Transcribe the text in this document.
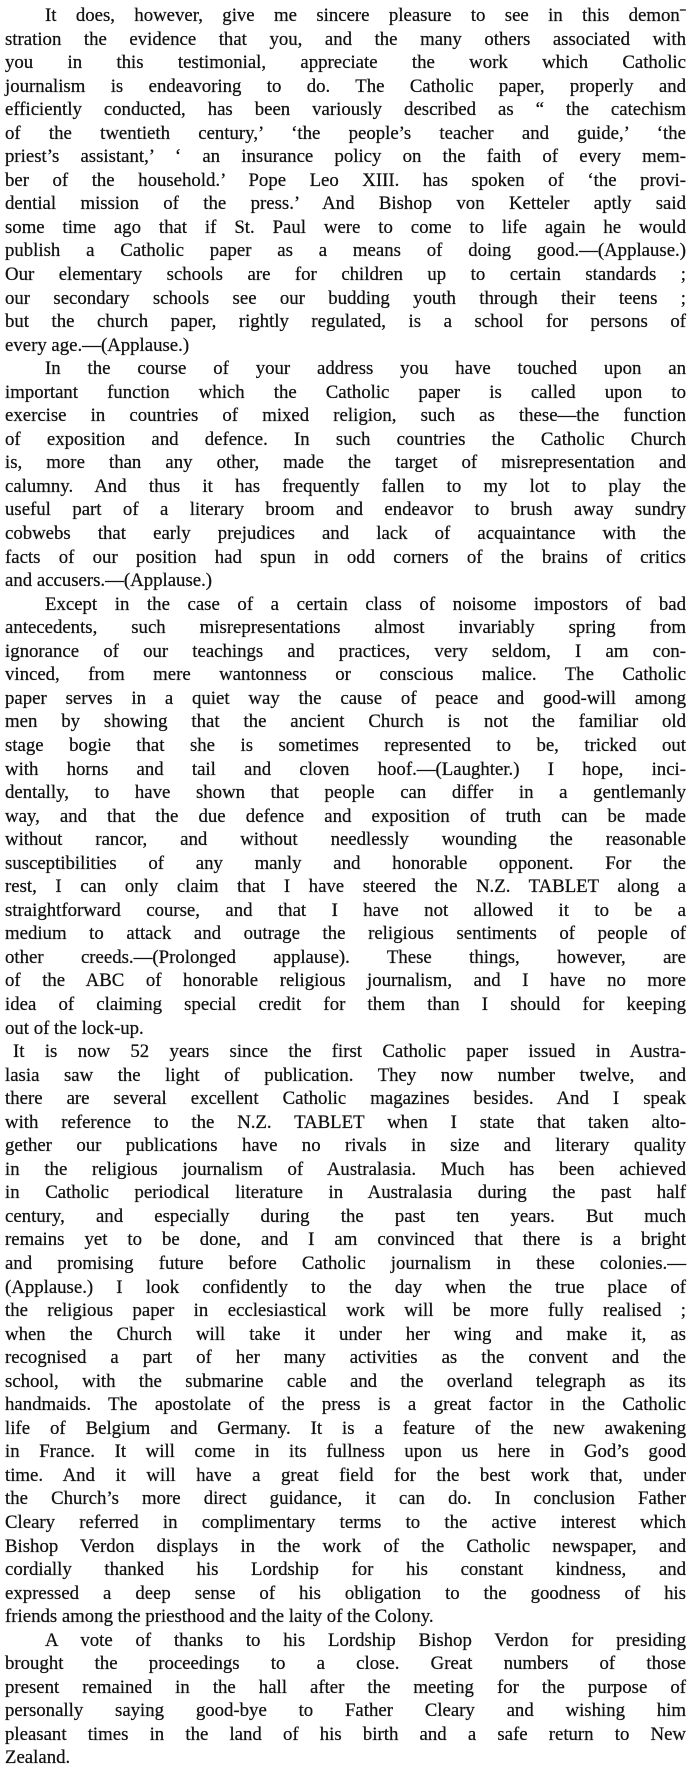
It does, however, give me sincere pleasure to see in this demonˉ
stration the evidence that you, and the many others associated with
you in this testimonial, appreciate the work which Catholic
journalism is endeavoring to do. The Catholic paper, properly and
efficiently conducted, has been variously described as “ the catechism
of the twentieth century,’ ‘the people’s teacher and guide,’ ‘the
priest’s assistant,’ ‘ an insurance policy on the faith of every mem-
ber of the household.’ Pope Leo XIII. has spoken of ‘the provi-
dential mission of the press.’ And Bishop von Ketteler aptly said
some time ago that if St. Paul were to come to life again he would
publish a Catholic paper as a means of doing good.—(Applause.)
Our elementary schools are for children up to certain standards ;
our secondary schools see our budding youth through their teens ;
but the church paper, rightly regulated, is a school for persons of
every age.—(Applause.)
In the course of your address you have touched upon an
important function which the Catholic paper is called upon to
exercise in countries of mixed religion, such as these—the function
of exposition and defence. In such countries the Catholic Church
is, more than any other, made the target of misrepresentation and
calumny. And thus it has frequently fallen to my lot to play the
useful part of a literary broom and endeavor to brush away sundry
cobwebs that early prejudices and lack of acquaintance with the
facts of our position had spun in odd corners of the brains of critics
and accusers.—(Applause.)
Except in the case of a certain class of noisome impostors of bad
antecedents, such misrepresentations almost invariably spring from
ignorance of our teachings and practices, very seldom, I am con-
vinced, from mere wantonness or conscious malice. The Catholic
paper serves in a quiet way the cause of peace and good-will among
men by showing that the ancient Church is not the familiar old
stage bogie that she is sometimes represented to be, tricked out
with horns and tail and cloven hoof.—(Laughter.) I hope, inci-
dentally, to have shown that people can differ in a gentlemanly
way, and that the due defence and exposition of truth can be made
without rancor, and without needlessly wounding the reasonable
susceptibilities of any manly and honorable opponent. For the
rest, I can only claim that I have steered the N.Z. TABLET along a
straightforward course, and that I have not allowed it to be a
medium to attack and outrage the religious sentiments of people of
other creeds.—(Prolonged applause). These things, however, are
of the ABC of honorable religious journalism, and I have no more
idea of claiming special credit for them than I should for keeping
out of the lock-up.
It is now 52 years since the first Catholic paper issued in Austra-
lasia saw the light of publication. They now number twelve, and
there are several excellent Catholic magazines besides. And I speak
with reference to the N.Z. TABLET when I state that taken alto-
gether our publications have no rivals in size and literary quality
in the religious journalism of Australasia. Much has been achieved
in Catholic periodical literature in Australasia during the past half
century, and especially during the past ten years. But much
remains yet to be done, and I am convinced that there is a bright
and promising future before Catholic journalism in these colonies.—
(Applause.) I look confidently to the day when the true place of
the religious paper in ecclesiastical work will be more fully realised ;
when the Church will take it under her wing and make it, as
recognised a part of her many activities as the convent and the
school, with the submarine cable and the overland telegraph as its
handmaids. The apostolate of the press is a great factor in the Catholic
life of Belgium and Germany. It is a feature of the new awakening
in France. It will come in its fullness upon us here in God’s good
time. And it will have a great field for the best work that, under
the Church’s more direct guidance, it can do. In conclusion Father
Cleary referred in complimentary terms to the active interest which
Bishop Verdon displays in the work of the Catholic newspaper, and
cordially thanked his Lordship for his constant kindness, and
expressed a deep sense of his obligation to the goodness of his
friends among the priesthood and the laity of the Colony.
A vote of thanks to his Lordship Bishop Verdon for presiding
brought the proceedings to a close. Great numbers of those
present remained in the hall after the meeting for the purpose of
personally saying good-bye to Father Cleary and wishing him
pleasant times in the land of his birth and a safe return to New
Zealand.
